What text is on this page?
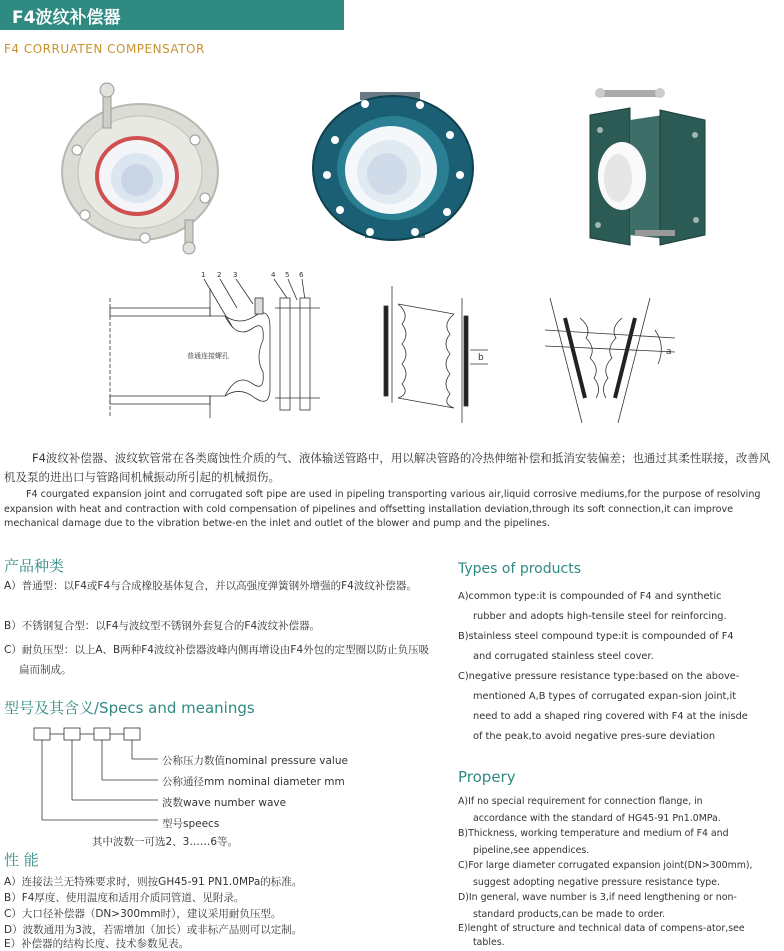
F4波纹补偿器
F4 CORRUATEN COMPENSATOR
1 2 3	4 5 6
普通连接螺孔	b
a
F4波纹补偿器、波纹软管常在各类腐蚀性介质的气、液体输送管路中，用以解决管路的冷热伸缩补偿和抵消安装偏差；也通过其柔性联接，改善风机及泵的进出口与管路间机械振动所引起的机械损伤。
F4 courgated expansion joint and corrugated soft pipe are used in pipeling transporting various air,liquid corrosive mediums,for the purpose of resolving expansion with heat and contraction with cold compensation of pipelines and offsetting installation deviation,through its soft connection,it can improve mechanical damage due to the vibration betwe-en the inlet and outlet of the blower and pump and the pipelines.
产品种类
A）普通型：以F4或F4与合成橡胶基体复合，并以高强度弹簧钢外增强的F4波纹补偿器。
B）不锈钢复合型：以F4与波纹型不锈钢外套复合的F4波纹补偿器。
C）耐负压型：以上A、B两种F4波纹补偿器波峰内侧再增设由F4外包的定型圈以防止负压吸扁而制成。
Types of products
A)common type:it is compounded of F4 and synthetic rubber and adopts high-tensile steel for reinforcing.
B)stainless steel compound type:it is compounded of F4 and corrugated stainless steel cover.
C)negative pressure resistance type:based on the above-mentioned A,B types of corrugated expan-sion joint,it need to add a shaped ring covered with F4 at the inisde of the peak,to avoid negative pres-sure deviation
型号及其含义/Specs and meanings
公称压力数值nominal pressure value
公称通径mm nominal diameter mm
波数wave number wave
型号speecs
其中波数一可选2、3……6等。
性 能
A）连接法兰无特殊要求时，则按GH45-91 PN1.0MPa的标准。
B）F4厚度、使用温度和适用介质同管道、见附录。
C）大口径补偿器（DN>300mm时），建议采用耐负压型。
D）波数通用为3波，若需增加（加长）或非标产品则可以定制。
E）补偿器的结构长度、技术参数见表。
Propery
A)If no special requirement for connection flange, in accordance with the standard of HG45-91 Pn1.0MPa.
B)Thickness, working temperature and medium of F4 and pipeline,see appendices.
C)For large diameter corrugated expansion joint(DN>300mm), suggest adopting negative pressure resistance type.
D)In general, wave number is 3,if need lengthening or non-standard products,can be made to order.
E)lenght of structure and technical data of compens-ator,see tables.
